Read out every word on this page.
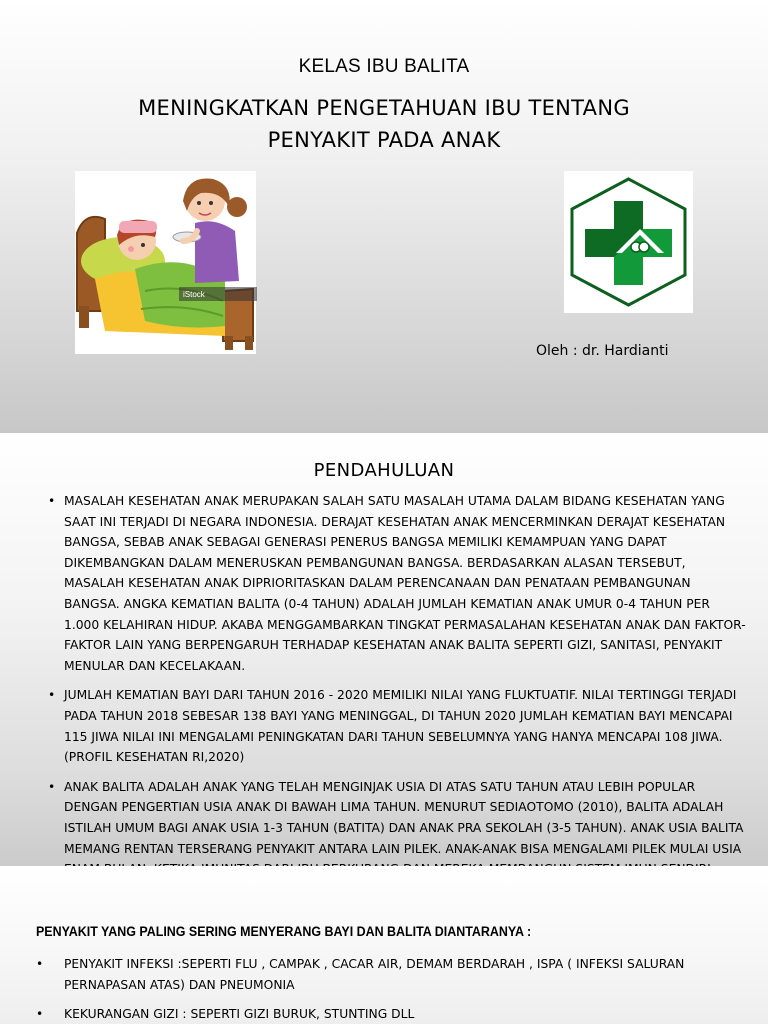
KELAS IBU BALITA
MENINGKATKAN PENGETAHUAN IBU TENTANG
PENYAKIT PADA ANAK
iStock
Oleh : dr. Hardianti
PENDAHULUAN
• MASALAH KESEHATAN ANAK MERUPAKAN SALAH SATU MASALAH UTAMA DALAM BIDANG KESEHATAN YANG SAAT INI TERJADI DI NEGARA INDONESIA. DERAJAT KESEHATAN ANAK MENCERMINKAN DERAJAT KESEHATAN BANGSA, SEBAB ANAK SEBAGAI GENERASI PENERUS BANGSA MEMILIKI KEMAMPUAN YANG DAPAT DIKEMBANGKAN DALAM MENERUSKAN PEMBANGUNAN BANGSA. BERDASARKAN ALASAN TERSEBUT, MASALAH KESEHATAN ANAK DIPRIORITASKAN DALAM PERENCANAAN DAN PENATAAN PEMBANGUNAN BANGSA. ANGKA KEMATIAN BALITA (0-4 TAHUN) ADALAH JUMLAH KEMATIAN ANAK UMUR 0-4 TAHUN PER 1.000 KELAHIRAN HIDUP. AKABA MENGGAMBARKAN TINGKAT PERMASALAHAN KESEHATAN ANAK DAN FAKTOR-FAKTOR LAIN YANG BERPENGARUH TERHADAP KESEHATAN ANAK BALITA SEPERTI GIZI, SANITASI, PENYAKIT MENULAR DAN KECELAKAAN.
• JUMLAH KEMATIAN BAYI DARI TAHUN 2016 - 2020 MEMILIKI NILAI YANG FLUKTUATIF. NILAI TERTINGGI TERJADI PADA TAHUN 2018 SEBESAR 138 BAYI YANG MENINGGAL, DI TAHUN 2020 JUMLAH KEMATIAN BAYI MENCAPAI 115 JIWA NILAI INI MENGALAMI PENINGKATAN DARI TAHUN SEBELUMNYA YANG HANYA MENCAPAI 108 JIWA. (PROFIL KESEHATAN RI,2020)
• ANAK BALITA ADALAH ANAK YANG TELAH MENGINJAK USIA DI ATAS SATU TAHUN ATAU LEBIH POPULAR DENGAN PENGERTIAN USIA ANAK DI BAWAH LIMA TAHUN. MENURUT SEDIAOTOMO (2010), BALITA ADALAH ISTILAH UMUM BAGI ANAK USIA 1-3 TAHUN (BATITA) DAN ANAK PRA SEKOLAH (3-5 TAHUN). ANAK USIA BALITA MEMANG RENTAN TERSERANG PENYAKIT ANTARA LAIN PILEK. ANAK-ANAK BISA MENGALAMI PILEK MULAI USIA
PENYAKIT YANG PALING SERING MENYERANG BAYI DAN BALITA DIANTARANYA :
• PENYAKIT INFEKSI :SEPERTI FLU , CAMPAK , CACAR AIR, DEMAM BERDARAH , ISPA ( INFEKSI SALURAN PERNAPASAN ATAS) DAN PNEUMONIA
• KEKURANGAN GIZI : SEPERTI GIZI BURUK, STUNTING DLL
